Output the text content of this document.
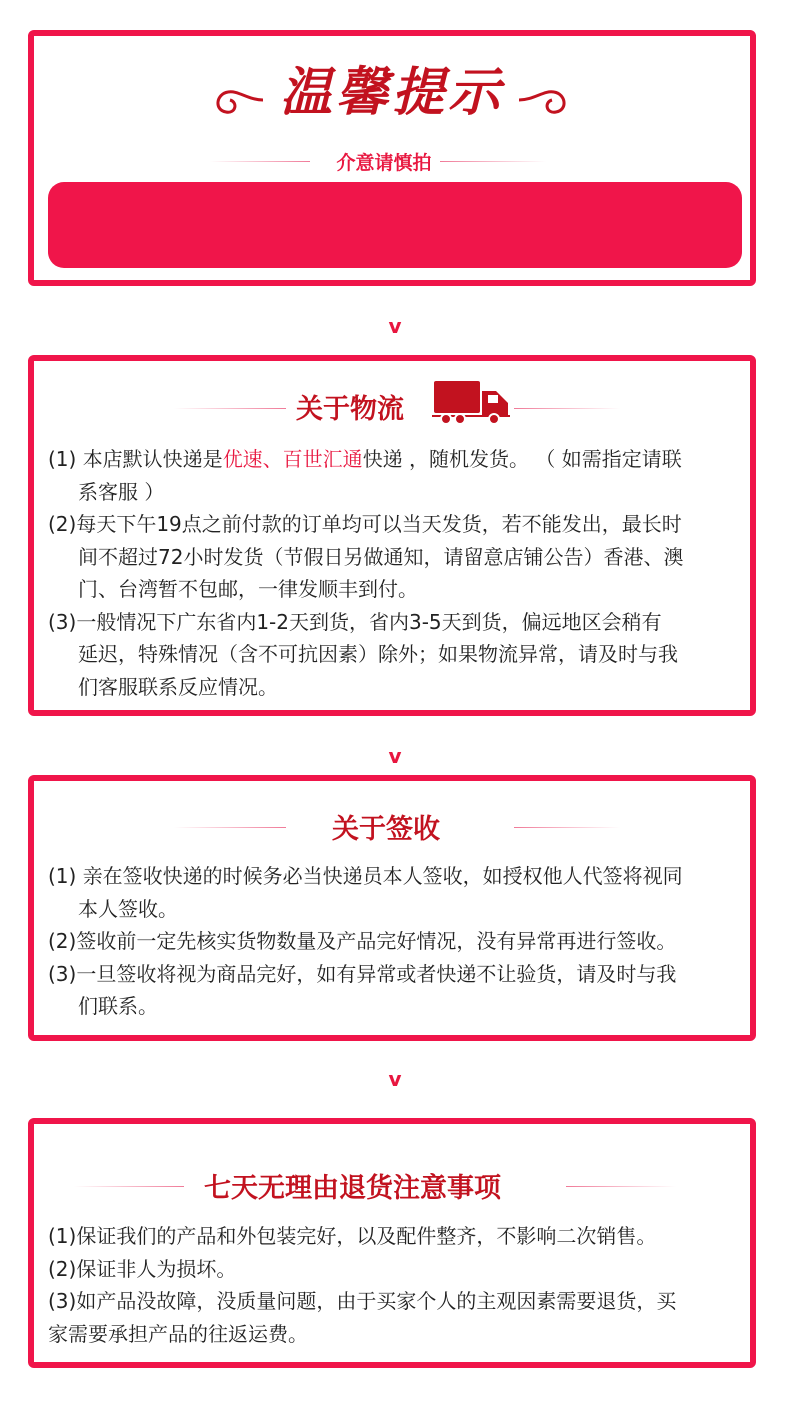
温馨提示
介意请慎拍
v
关于物流

(1) 本店默认快递是优速、百世汇通快递 ，随机发货。 （ 如需指定请联

系客服 ）

(2)每天下午19点之前付款的订单均可以当天发货，若不能发出，最长时

间不超过72小时发货（节假日另做通知，请留意店铺公告）香港、澳

门、台湾暂不包邮，一律发顺丰到付。

(3)一般情况下广东省内1-2天到货，省内3-5天到货，偏远地区会稍有

延迟，特殊情况（含不可抗因素）除外；如果物流异常，请及时与我

们客服联系反应情况。

v
关于签收

(1) 亲在签收快递的时候务必当快递员本人签收，如授权他人代签将视同

本人签收。

(2)签收前一定先核实货物数量及产品完好情况，没有异常再进行签收。

(3)一旦签收将视为商品完好，如有异常或者快递不让验货，请及时与我

们联系。

v
七天无理由退货注意事项

(1)保证我们的产品和外包装完好，以及配件整齐，不影响二次销售。

(2)保证非人为损坏。

(3)如产品没故障，没质量问题，由于买家个人的主观因素需要退货，买

家需要承担产品的往返运费。
